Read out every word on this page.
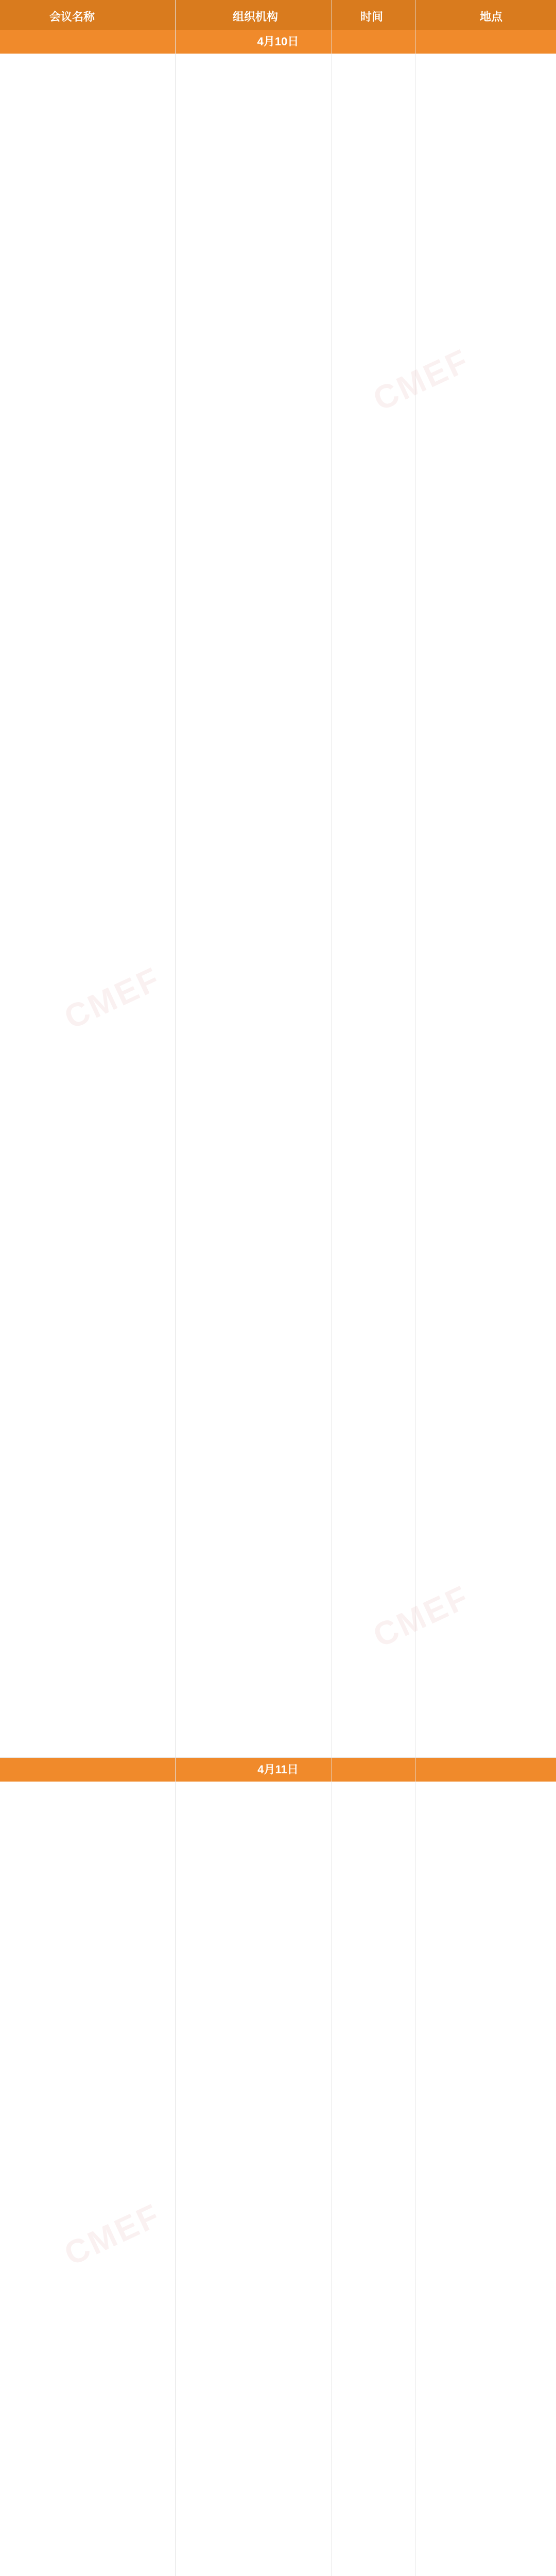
会议名称	组织机构	时间	地点
4月10日
4月11日
CMEF
CMEF
CMEF
CMEF
